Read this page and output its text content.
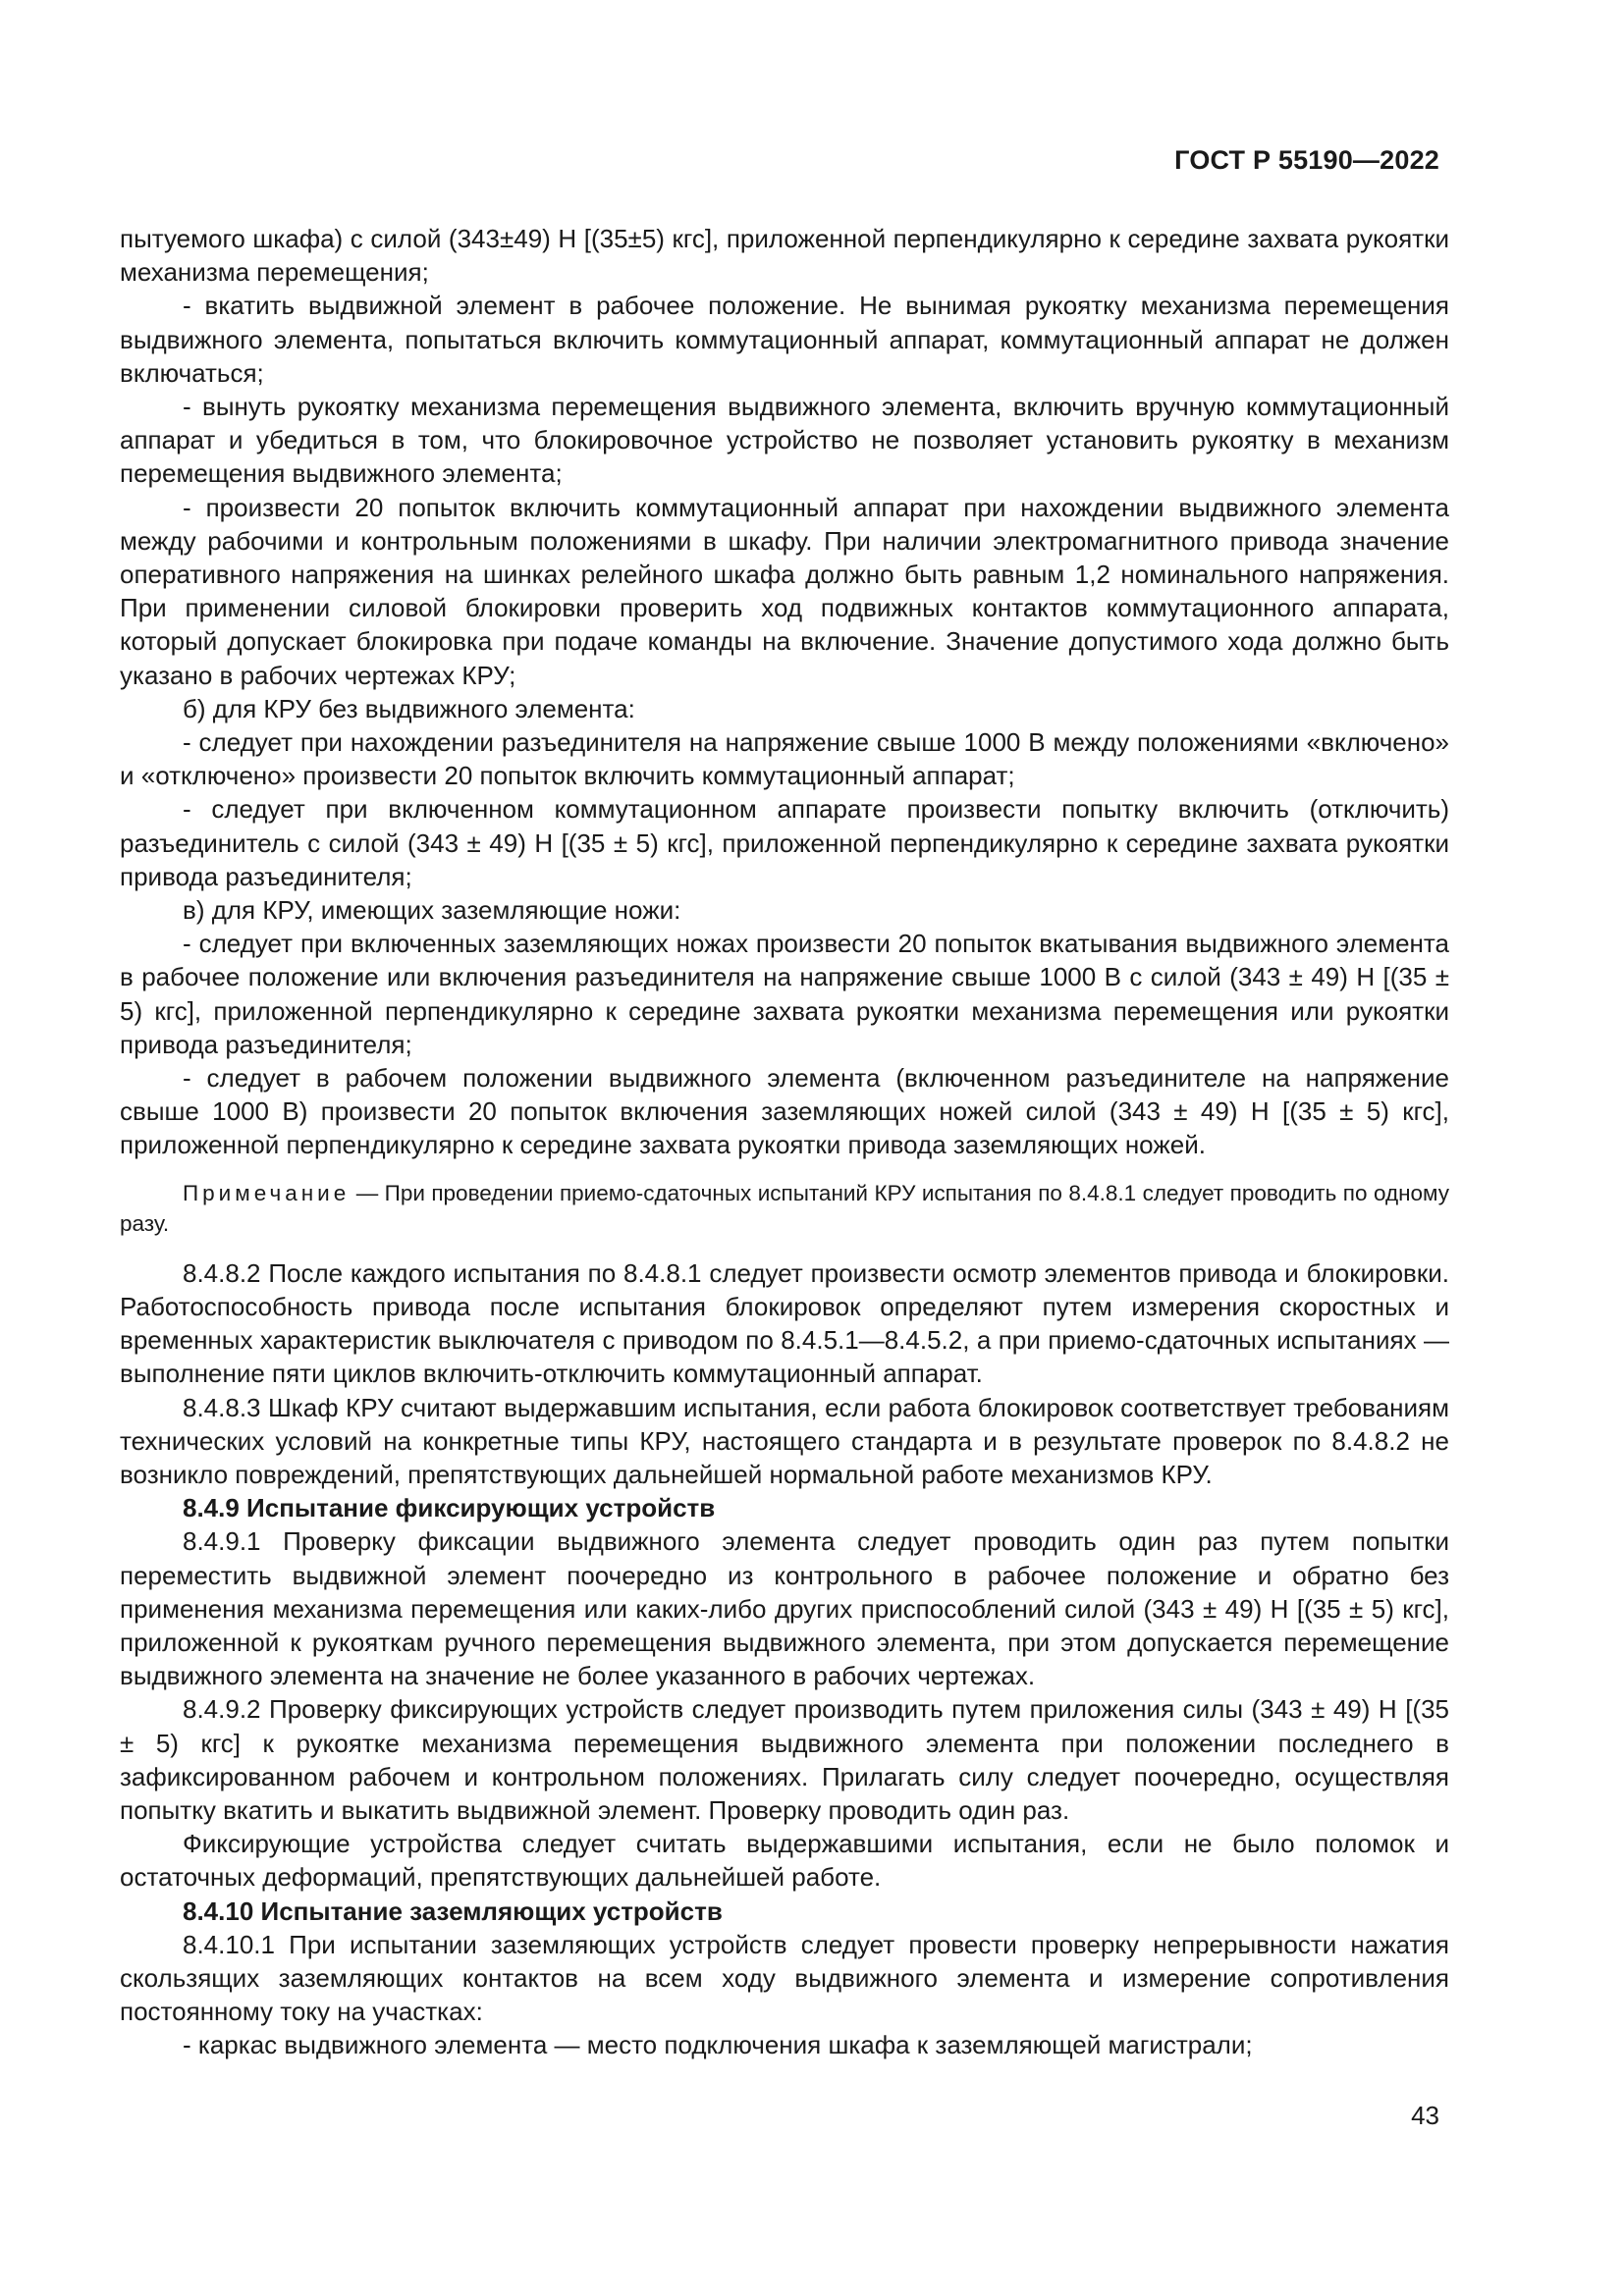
ГОСТ Р 55190—2022

пытуемого шкафа) с силой (343±49) Н [(35±5) кгс], приложенной перпендикулярно к середине захвата рукоятки механизма перемещения;

- вкатить выдвижной элемент в рабочее положение. Не вынимая рукоятку механизма перемещения выдвижного элемента, попытаться включить коммутационный аппарат, коммутационный аппарат не должен включаться;

- вынуть рукоятку механизма перемещения выдвижного элемента, включить вручную коммутационный аппарат и убедиться в том, что блокировочное устройство не позволяет установить рукоятку в механизм перемещения выдвижного элемента;

- произвести 20 попыток включить коммутационный аппарат при нахождении выдвижного элемента между рабочими и контрольным положениями в шкафу. При наличии электромагнитного привода значение оперативного напряжения на шинках релейного шкафа должно быть равным 1,2 номинального напряжения. При применении силовой блокировки проверить ход подвижных контактов коммутационного аппарата, который допускает блокировка при подаче команды на включение. Значение допустимого хода должно быть указано в рабочих чертежах КРУ;

б) для КРУ без выдвижного элемента:

- следует при нахождении разъединителя на напряжение свыше 1000 В между положениями «включено» и «отключено» произвести 20 попыток включить коммутационный аппарат;

- следует при включенном коммутационном аппарате произвести попытку включить (отключить) разъединитель с силой (343 ± 49) Н [(35 ± 5) кгс], приложенной перпендикулярно к середине захвата рукоятки привода разъединителя;

в) для КРУ, имеющих заземляющие ножи:

- следует при включенных заземляющих ножах произвести 20 попыток вкатывания выдвижного элемента в рабочее положение или включения разъединителя на напряжение свыше 1000 В с силой (343 ± 49) Н [(35 ± 5) кгс], приложенной перпендикулярно к середине захвата рукоятки механизма перемещения или рукоятки привода разъединителя;

- следует в рабочем положении выдвижного элемента (включенном разъединителе на напряжение свыше 1000 В) произвести 20 попыток включения заземляющих ножей силой (343 ± 49) Н [(35 ± 5) кгс], приложенной перпендикулярно к середине захвата рукоятки привода заземляющих ножей.

Примечание — При проведении приемо-сдаточных испытаний КРУ испытания по 8.4.8.1 следует проводить по одному разу.

8.4.8.2 После каждого испытания по 8.4.8.1 следует произвести осмотр элементов привода и блокировки. Работоспособность привода после испытания блокировок определяют путем измерения скоростных и временных характеристик выключателя с приводом по 8.4.5.1—8.4.5.2, а при приемо-сдаточных испытаниях — выполнение пяти циклов включить-отключить коммутационный аппарат.

8.4.8.3 Шкаф КРУ считают выдержавшим испытания, если работа блокировок соответствует требованиям технических условий на конкретные типы КРУ, настоящего стандарта и в результате проверок по 8.4.8.2 не возникло повреждений, препятствующих дальнейшей нормальной работе механизмов КРУ.

8.4.9 Испытание фиксирующих устройств

8.4.9.1 Проверку фиксации выдвижного элемента следует проводить один раз путем попытки переместить выдвижной элемент поочередно из контрольного в рабочее положение и обратно без применения механизма перемещения или каких-либо других приспособлений силой (343 ± 49) Н [(35 ± 5) кгс], приложенной к рукояткам ручного перемещения выдвижного элемента, при этом допускается перемещение выдвижного элемента на значение не более указанного в рабочих чертежах.

8.4.9.2 Проверку фиксирующих устройств следует производить путем приложения силы (343 ± 49) Н [(35 ± 5) кгс] к рукоятке механизма перемещения выдвижного элемента при положении последнего в зафиксированном рабочем и контрольном положениях. Прилагать силу следует поочередно, осуществляя попытку вкатить и выкатить выдвижной элемент. Проверку проводить один раз.

Фиксирующие устройства следует считать выдержавшими испытания, если не было поломок и остаточных деформаций, препятствующих дальнейшей работе.

8.4.10 Испытание заземляющих устройств

8.4.10.1 При испытании заземляющих устройств следует провести проверку непрерывности нажатия скользящих заземляющих контактов на всем ходу выдвижного элемента и измерение сопротивления постоянному току на участках:

- каркас выдвижного элемента — место подключения шкафа к заземляющей магистрали;

43
